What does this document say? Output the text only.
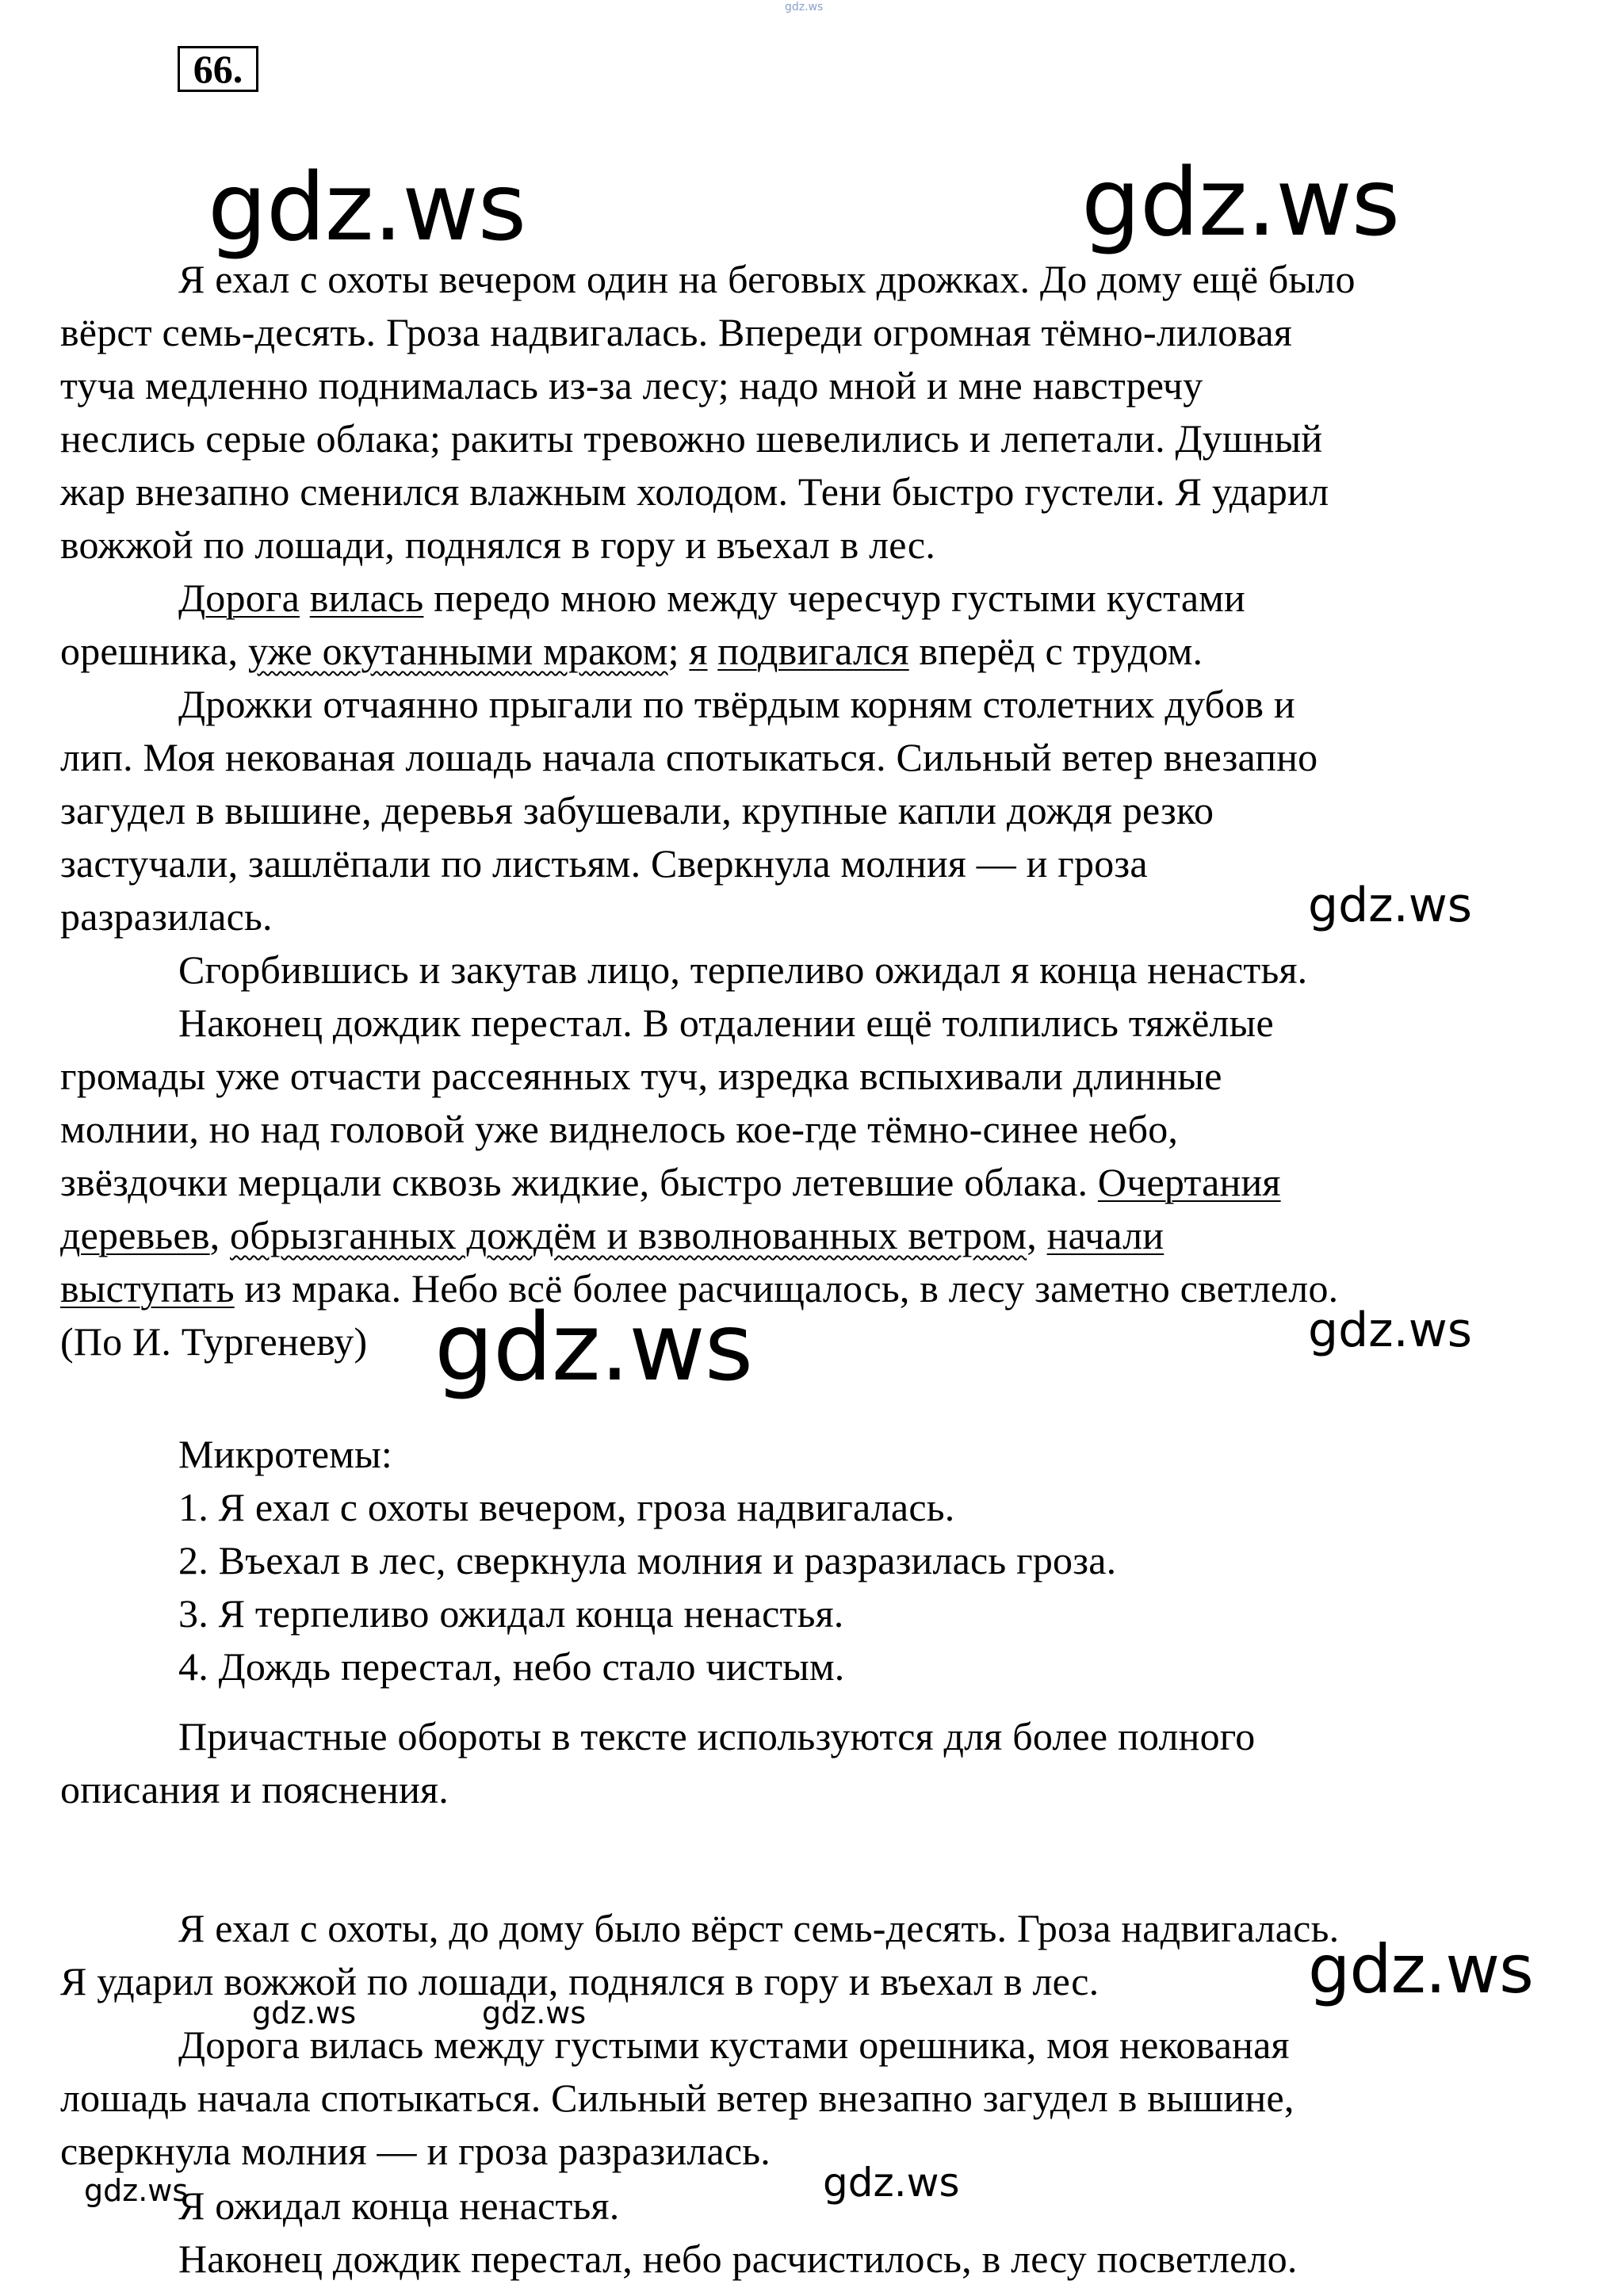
gdz.ws
66.
gdz.ws	gdz.ws
Я ехал с охоты вечером один на беговых дрожках. До дому ещё было
вёрст семь-десять. Гроза надвигалась. Впереди огромная тёмно-лиловая
туча медленно поднималась из-за лесу; надо мной и мне навстречу
неслись серые облака; ракиты тревожно шевелились и лепетали. Душный
жар внезапно сменился влажным холодом. Тени быстро густели. Я ударил
вожжой по лошади, поднялся в гору и въехал в лес.
Дорога вилась передо мною между чересчур густыми кустами
орешника, уже окутанными мраком; я подвигался вперёд с трудом.
Дрожки отчаянно прыгали по твёрдым корням столетних дубов и
лип. Моя некованая лошадь начала спотыкаться. Сильный ветер внезапно
загудел в вышине, деревья забушевали, крупные капли дождя резко
застучали, зашлёпали по листьям. Сверкнула молния — и гроза
разразилась.	gdz.ws
Сгорбившись и закутав лицо, терпеливо ожидал я конца ненастья.
Наконец дождик перестал. В отдалении ещё толпились тяжёлые
громады уже отчасти рассеянных туч, изредка вспыхивали длинные
молнии, но над головой уже виднелось кое-где тёмно-синее небо,
звёздочки мерцали сквозь жидкие, быстро летевшие облака. Очертания
деревьев, обрызганных дождём и взволнованных ветром, начали
выступать из мрака. Небо всё более расчищалось, в лесу заметно светлело.
(По И. Тургеневу) gdz.ws	gdz.ws
Микротемы:
1. Я ехал с охоты вечером, гроза надвигалась.
2. Въехал в лес, сверкнула молния и разразилась гроза.
3. Я терпеливо ожидал конца ненастья.
4. Дождь перестал, небо стало чистым.
Причастные обороты в тексте используются для более полного
описания и пояснения.
Я ехал с охоты, до дому было вёрст семь-десять. Гроза надвигалась.
Я ударил вожжой по лошади, поднялся в гору и въехал в лес.	gdz.ws
gdz.ws	gdz.ws
Дорога вилась между густыми кустами орешника, моя некованая
лошадь начала спотыкаться. Сильный ветер внезапно загудел в вышине,
сверкнула молния — и гроза разразилась.
gdz.ws	gdz.ws
Я ожидал конца ненастья.
Наконец дождик перестал, небо расчистилось, в лесу посветлело.
